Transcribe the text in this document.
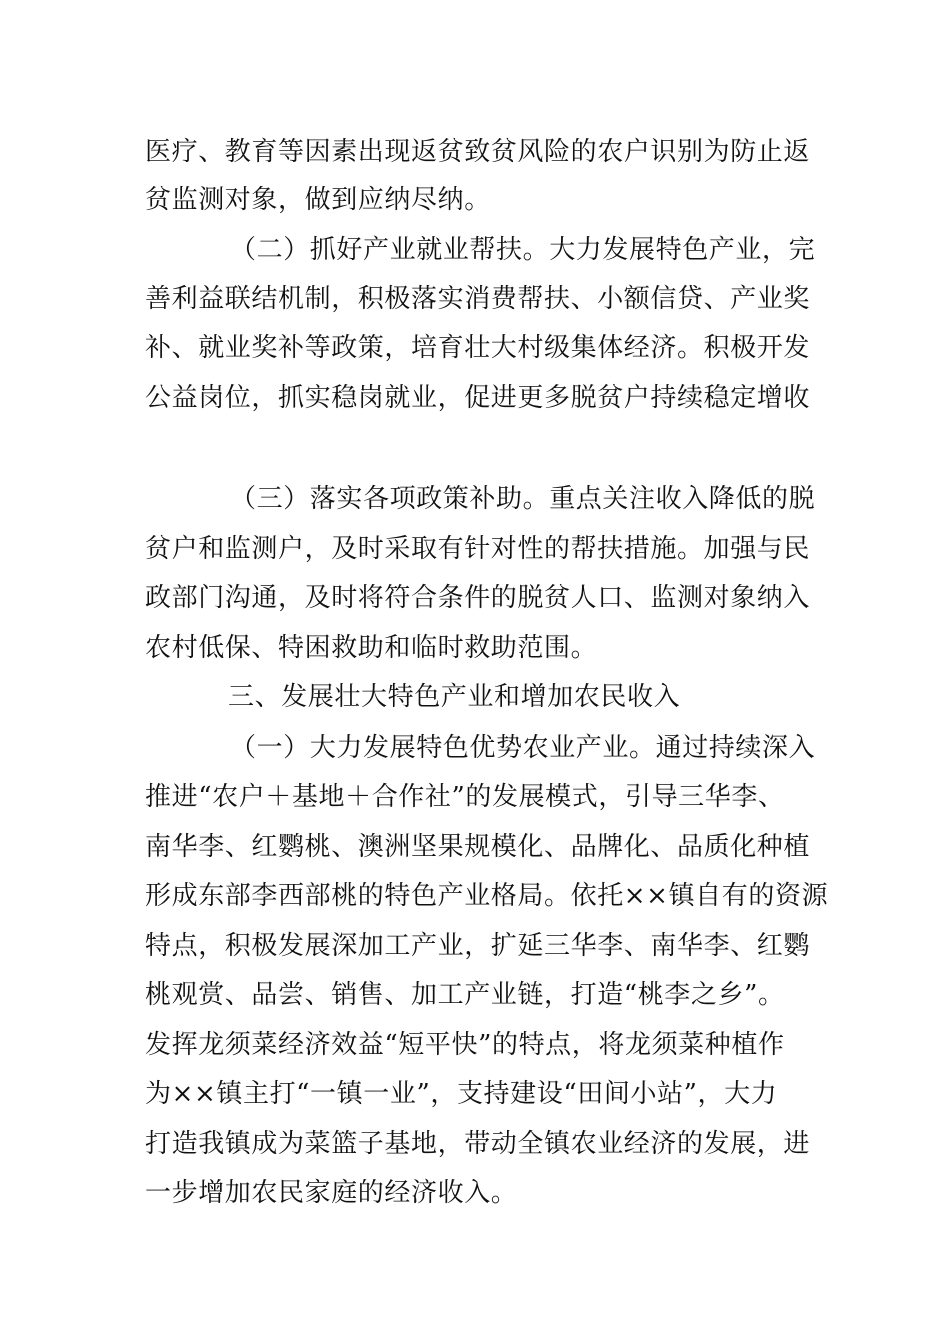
医疗、教育等因素出现返贫致贫风险的农户识别为防止返
贫监测对象，做到应纳尽纳。
（二）抓好产业就业帮扶。大力发展特色产业，完
善利益联结机制，积极落实消费帮扶、小额信贷、产业奖
补、就业奖补等政策，培育壮大村级集体经济。积极开发
公益岗位，抓实稳岗就业，促进更多脱贫户持续稳定增收
（三）落实各项政策补助。重点关注收入降低的脱
贫户和监测户，及时采取有针对性的帮扶措施。加强与民
政部门沟通，及时将符合条件的脱贫人口、监测对象纳入
农村低保、特困救助和临时救助范围。
三、发展壮大特色产业和增加农民收入
（一）大力发展特色优势农业产业。通过持续深入
推进“农户＋基地＋合作社”的发展模式，引导三华李、
南华李、红鹦桃、澳洲坚果规模化、品牌化、品质化种植
形成东部李西部桃的特色产业格局。依托××镇自有的资源
特点，积极发展深加工产业，扩延三华李、南华李、红鹦
桃观赏、品尝、销售、加工产业链，打造“桃李之乡”。
发挥龙须菜经济效益“短平快”的特点，将龙须菜种植作
为××镇主打“一镇一业”，支持建设“田间小站”，大力
打造我镇成为菜篮子基地，带动全镇农业经济的发展，进
一步增加农民家庭的经济收入。
